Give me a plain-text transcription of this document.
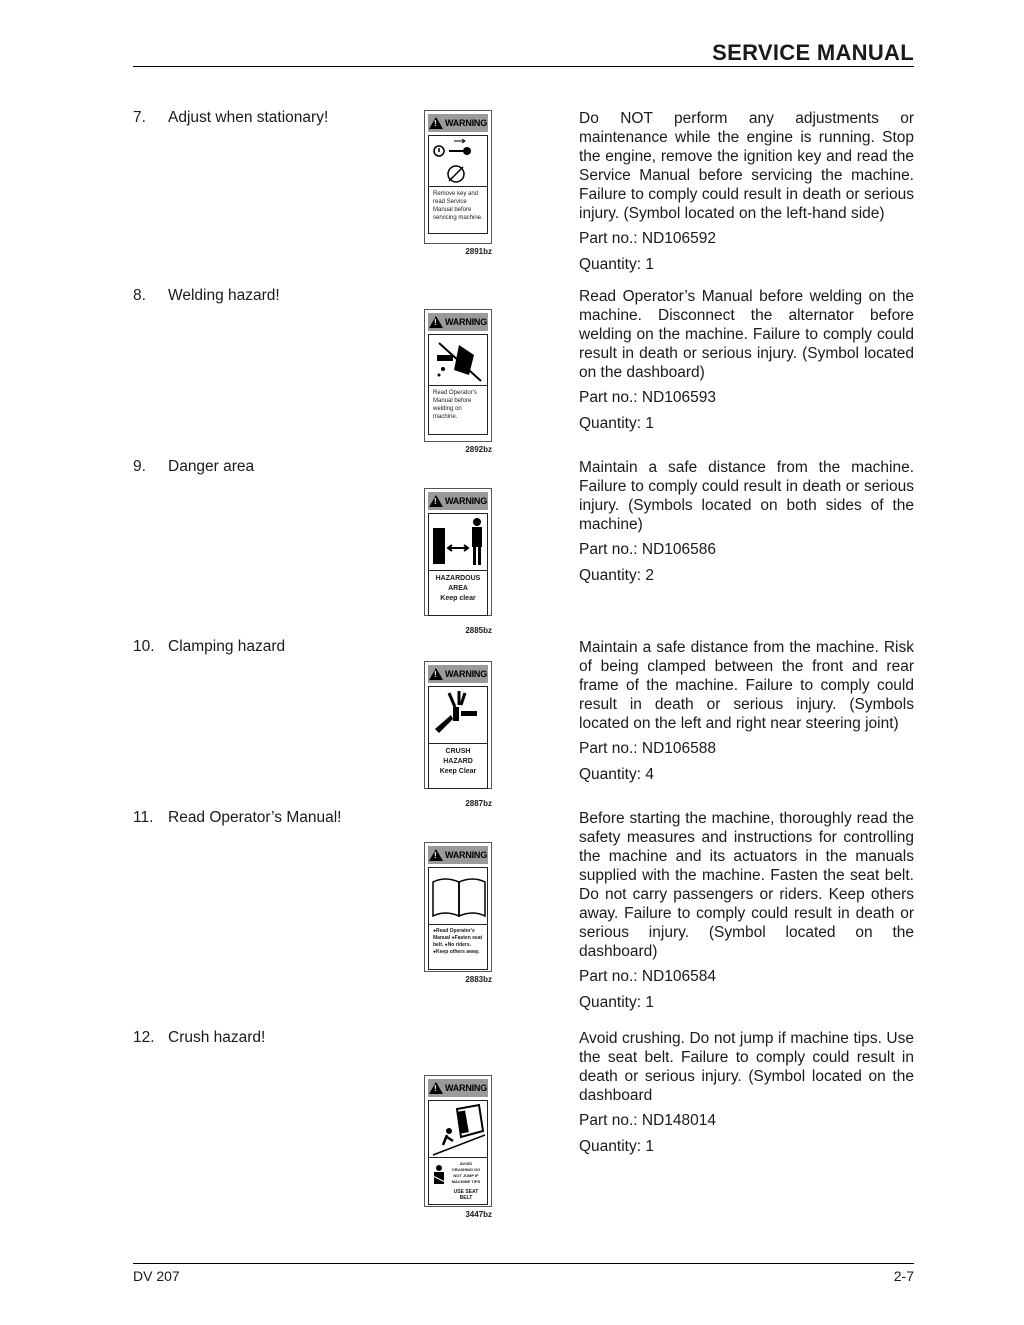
SERVICE MANUAL
7. Adjust when stationary!	! WARNING
Remove key and read Service Manual before servicing machine.
2891bz

Do NOT perform any adjustments or maintenance while the engine is running. Stop the engine, remove the ignition key and read the Service Manual before servicing the machine. Failure to comply could result in death or serious injury. (Symbol located on the left-hand side)

Part no.: ND106592

Quantity: 1

8. Welding hazard!
! WARNING
Read Operator's Manual before welding on machine.
2892bz

Read Operator’s Manual before welding on the machine. Disconnect the alternator before welding on the machine. Failure to comply could result in death or serious injury. (Symbol located on the dashboard)

Part no.: ND106593

Quantity: 1

9. Danger area
! WARNING
HAZARDOUS
AREA
Keep clear
2885bz

Maintain a safe distance from the machine. Failure to comply could result in death or serious injury. (Symbols located on both sides of the machine)

Part no.: ND106586

Quantity: 2

10. Clamping hazard
! WARNING
CRUSH
HAZARD
Keep Clear
2887bz

Maintain a safe distance from the machine. Risk of being clamped between the front and rear frame of the machine. Failure to comply could result in death or serious injury. (Symbols located on the left and right near steering joint)

Part no.: ND106588

Quantity: 4

11. Read Operator’s Manual!
! WARNING
●Read Operator's Manual ●Fasten seat belt. ●No riders. ●Keep others away.
2883bz

Before starting the machine, thoroughly read the safety measures and instructions for controlling the machine and its actuators in the manuals supplied with the machine. Fasten the seat belt. Do not carry passengers or riders. Keep others away. Failure to comply could result in death or serious injury. (Symbol located on the dashboard)

Part no.: ND106584

Quantity: 1

12. Crush hazard!
! WARNING
AVOID CRUSHING DO NOT JUMP IF MACHINE TIPS
USE SEAT BELT
3447bz

Avoid crushing. Do not jump if machine tips. Use the seat belt. Failure to comply could result in death or serious injury. (Symbol located on the dashboard

Part no.: ND148014

Quantity: 1

DV 207	2-7
